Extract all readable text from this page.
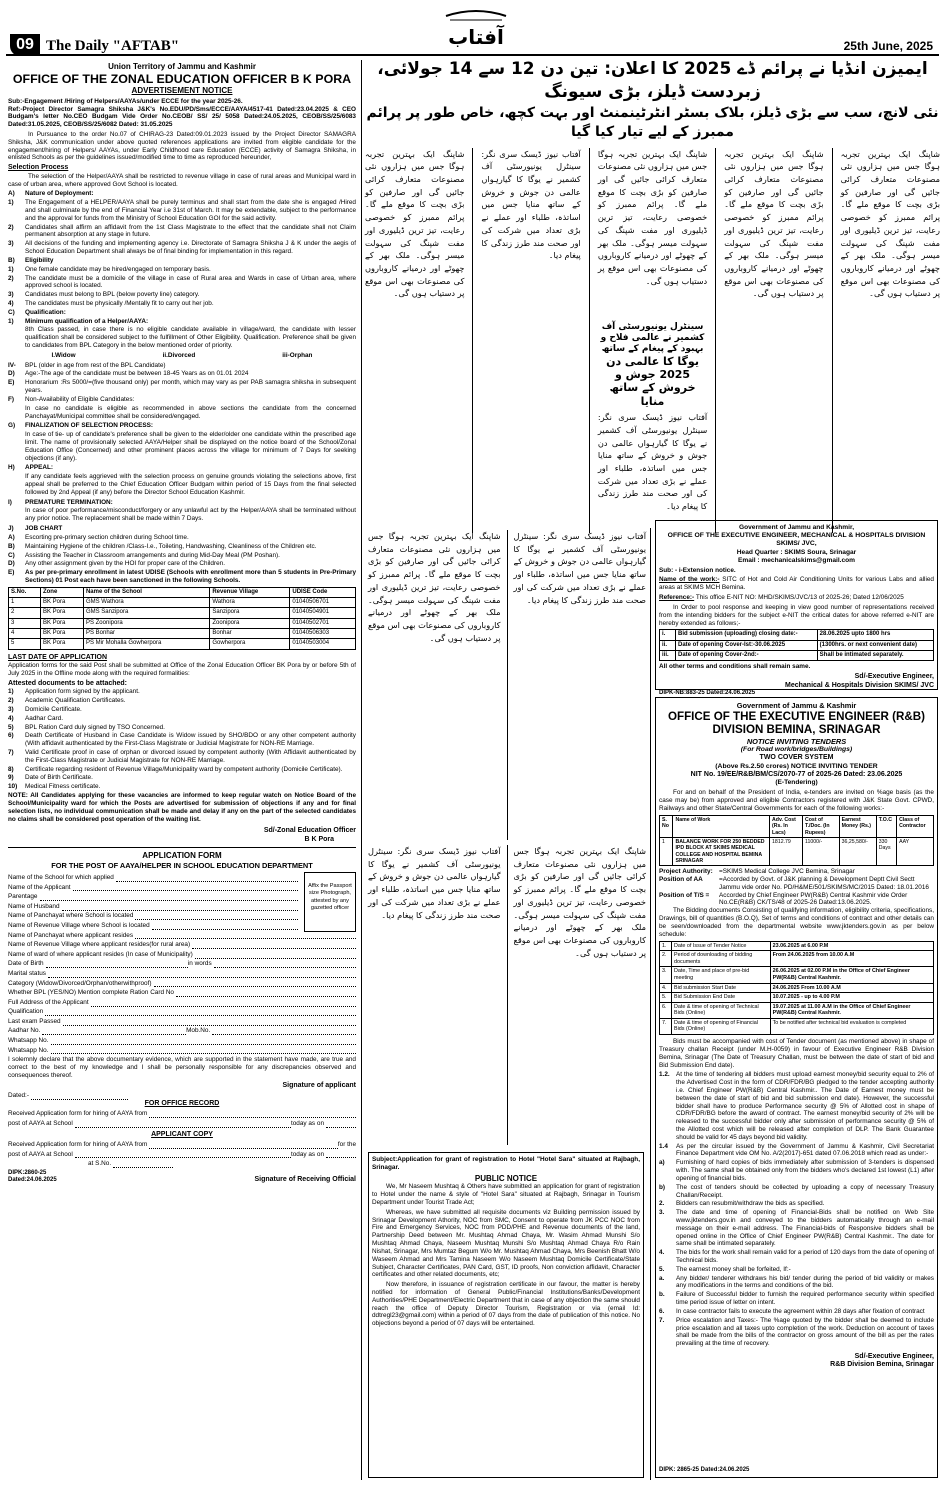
09 The Daily "AFTAB"	آفتاب	25th June, 2025
Union Territory of Jammu and Kashmir
OFFICE OF THE ZONAL EDUCATION OFFICER B K PORA
ADVERTISEMENT NOTICE

Sub:-Engagement /Hiring of Helpers/AAYAs/under ECCE for the year 2025-26.

Ref:-Project Director Samagra Shiksha J&K's No.EDU/PD/Sms/ECCE/AAYA/4517-41 Dated:23.04.2025 & CEO Budgam's letter No.CEO Budgam Vide Order No.CEOB/ SS/ 25/ 5058 Dated:24.05.2025, CEOB/SS/25/6083 Dated:31.05.2025, CEOB/SS/25/6082 Dated: 31.05.2025

In Pursuance to the order No.07 of CHIRAG-23 Dated:09.01.2023 issued by the Project Director SAMAGRA Shiksha, J&K communication under above quoted references applications are invited from eligible candidate for the engagement/hiring of Helpers/ AAYAs, under Early Childhood care Education (ECCE) activity of Samagra Shiksha, in enlisted Schools as per the guidelines issued/modified time to time as reproduced hereunder,

Selection Process

The selection of the Helper/AAYA shall be restricted to revenue village in case of rural areas and Municipal ward in case of urban area, where approved Govt School is located.

A)	Nature of Deployment:
1)	The Engagement of a HELPER/AAYA shall be purely terminus and shall start from the date she is engaged /Hired and shall culminate by the end of Financial Year i.e 31st of March. It may be extendable, subject to the performance and the approval for funds from the Ministry of School Education GOI for the said activity.
2)	Candidates shall affirm an affidavit from the 1st Class Magistrate to the effect that the candidate shall not Claim permanent absorption at any stage in future.
3)	All decisions of the funding and implementing agency i.e. Directorate of Samagra Shiksha J & K under the aegis of School Education Department shall always be of final binding for implementation in this regard.
B)	Eligibility
1)	One female candidate may be hired/engaged on temporary basis.
2)	The candidate must be a domicile of the village in case of Rural area and Wards in case of Urban area, where approved school is located.
3)	Candidates must belong to BPL (below poverty line) category.
4)	The candidates must be physically /Mentally fit to carry out her job.
C)	Qualification:
1)	Minimum qualification of a Helper/AAYA:

8th Class passed, in case there is no eligible candidate available in village/ward, the candidate with lesser qualification shall be considered subject to the fulfillment of Other Eligibility. Qualification. Preference shall be given to candidates from BPL Category in the below mentioned order of priority.

I.Widow	ii.Divorced	iii-Orphan
IV-	BPL (older in age from rest of the BPL Candidate)
D)	Age:-The age of the candidate must be between 18-45 Years as on 01.01 2024
E)	Honorarium :Rs 5000/=(five thousand only) per month, which may vary as per PAB samagra shiksha in subsequent years.
F)	Non-Availability of Eligible Candidates:

In case no candidate is eligible as recommended in above sections the candidate from the concerned Panchayat/Municipal committee shall be considered/engaged.

G)	FINALIZATION OF SELECTION PROCESS:

In case of tie- up of candidate's preference shall be given to the elder/older one candidate within the prescribed age limit. The name of provisionally selected AAYA/Helper shall be displayed on the notice board of the School/Zonal Education Office (Concerned) and other prominent places across the village for minimum of 7 Days for seeking objections (if any).

H)	APPEAL:

If any candidate feels aggrieved with the selection process on genuine grounds violating the selections above, first appeal shall be preferred to the Chief Education Officer Budgam within period of 15 Days from the final selected followed by 2nd Appeal (if any) before the Director School Education Kashmir.

I)	PREMATURE TERMINATION:

In case of poor performance/misconduct/forgery or any unlawful act by the Helper/AAYA shall be terminated without any prior notice. The replacement shall be made within 7 Days.

J)	JOB CHART
A)	Escorting pre-primary section children during School time.
B)	Maintaining Hygiene of the children /Class-I.e., Toileting, Handwashing, Cleanliness of the Children etc.
C)	Assisting the Teacher in Classroom arrangements and during Mid-Day Meal (PM Poshan).
D)	Any other assignment given by the HOI for proper care of the Children.
E)	As per pre-primary enrollment in latest UDISE (Schools with enrollment more than 5 students in Pre-Primary Sections) 01 Post each have been sanctioned in the following Schools.
S.No.	Zone	Name of the School	Revenue Village	UDISE Code
1	BK Pora	GMS Wathora	Wathora	01040506701
2	BK Pora	GMS Sanzipora	Sanzipora	01040504901
3	BK Pora	PS Zoonipora	Zoonipora	01040502701
4	BK Pora	PS Bonhar	Bonhar	01040506303
5	BK Pora	PS Mir Mohalla Gowherpora	Gowherpora	01040503004
LAST DATE OF APPLICATION

Application forms for the said Post shall be submitted at Office of the Zonal Education Officer BK Pora by or before 5th of July 2025 in the Offline mode along with the required formalities:

Attested documents to be attached:
1)	Application form signed by the applicant.
2)	Academic Qualification Certificates.
3)	Domicile Certificate.
4)	Aadhar Card.
5)	BPL Ration Card duly signed by TSO Concerned.
6)	Death Certificate of Husband in Case Candidate is Widow issued by SHO/BDO or any other competent authority (With affidavit authenticated by the First-Class Magistrate or Judicial Magistrate for NON-RE Marriage.
7)	Valid Certificate proof in case of orphan or divorced issued by competent authority (With Affidavit authenticated by the First-Class Magistrate or Judicial Magistrate for NON-RE Marriage.
8)	Certificate regarding resident of Revenue Village/Municipality ward by competent authority (Domicile Certificate).
9)	Date of Birth Certificate.
10)	Medical Fitness certificate.

NOTE: All Candidates applying for these vacancies are informed to keep regular watch on Notice Board of the School/Municipality ward for which the Posts are advertised for submission of objections if any and for final selection lists, no individual communication shall be made and delay if any on the part of the selected candidates no claims shall be considered post operation of the waiting list.

Sd/-Zonal Education Officer
B K Pora
APPLICATION FORM
FOR THE POST OF AAYA/HELPER IN SCHOOL EDUCATION DEPARTMENT
Affix the Passport size Photograph, attested by any gazetted officer
Name of the School for which applied
Name of the Applicant
Parentage
Name of Husband
Name of Panchayat where School is located
Name of Revenue Village where School is located
Name of Panchayat where applicant resides
Name of Revenue Village where applicant resides(for rural area)
Name of ward of where applicant resides (In case of Municipality)
Date of Birth	in words
Marital status
Category (Widow/Divorced/Orphan/otherwithproof)
Whether BPL (YES/NO) Mention complete Ration Card No
Full Address of the Applicant
Qualification
Last exam Passed
Aadhar No.	Mob.No.
Whatsapp No.
Whatsapp No.

I solemnly declare that the above documentary evidence, which are supported in the statement have made, are true and correct to the best of my knowledge and I shall be personally responsible for any discrepancies observed and consequences thereof.

Signature of applicant
Dated:-
FOR OFFICE RECORD
Received Application form for hiring of AAYA from
post of AAYA at School	today as on
APPLICANT COPY
Received Application form for hiring of AAYA from	for the
post of AAYA at School	today as on
at S.No.
DIPK:2860-25
Dated:24.06.2025	Signature of Receiving Official
ایمیزن انڈیا نے پرائم ڈے 2025 کا اعلان: تین دن 12 سے 14 جولائی، زبردست ڈیلز، بڑی سیونگ
نئی لانچ، سب سے بڑی ڈیلز، بلاک بسٹر انٹرٹینمنٹ اور بہت کچھ، خاص طور پر پرائم ممبرز کے لیے تیار کیا گیا
شاپنگ ایک بہترین تجربہ ہوگا جس میں ہزاروں نئی مصنوعات متعارف کرائی جائیں گی اور صارفین کو بڑی بچت کا موقع ملے گا۔ پرائم ممبرز کو خصوصی رعایت، تیز ترین ڈیلیوری اور مفت شپنگ کی سہولت میسر ہوگی۔ ملک بھر کے چھوٹے اور درمیانے کاروباروں کی مصنوعات بھی اس موقع پر دستیاب ہوں گی۔
شاپنگ ایک بہترین تجربہ ہوگا جس میں ہزاروں نئی مصنوعات متعارف کرائی جائیں گی اور صارفین کو بڑی بچت کا موقع ملے گا۔ پرائم ممبرز کو خصوصی رعایت، تیز ترین ڈیلیوری اور مفت شپنگ کی سہولت میسر ہوگی۔ ملک بھر کے چھوٹے اور درمیانے کاروباروں کی مصنوعات بھی اس موقع پر دستیاب ہوں گی۔
شاپنگ ایک بہترین تجربہ ہوگا جس میں ہزاروں نئی مصنوعات متعارف کرائی جائیں گی اور صارفین کو بڑی بچت کا موقع ملے گا۔ پرائم ممبرز کو خصوصی رعایت، تیز ترین ڈیلیوری اور مفت شپنگ کی سہولت میسر ہوگی۔ ملک بھر کے چھوٹے اور درمیانے کاروباروں کی مصنوعات بھی اس موقع پر دستیاب ہوں گی۔
سینٹرل یونیورسٹی آف کشمیر نے عالمی فلاح و بہبود کے پیغام کے ساتھ
یوگا کا عالمی دن 2025 جوش و خروش کے ساتھ منایا
آفتاب نیوز ڈیسک سری نگر: سینٹرل یونیورسٹی آف کشمیر نے یوگا کا گیارہواں عالمی دن جوش و خروش کے ساتھ منایا جس میں اساتذہ، طلباء اور عملے نے بڑی تعداد میں شرکت کی اور صحت مند طرز زندگی کا پیغام دیا۔
آفتاب نیوز ڈیسک سری نگر: سینٹرل یونیورسٹی آف کشمیر نے یوگا کا گیارہواں عالمی دن جوش و خروش کے ساتھ منایا جس میں اساتذہ، طلباء اور عملے نے بڑی تعداد میں شرکت کی اور صحت مند طرز زندگی کا پیغام دیا۔
شاپنگ ایک بہترین تجربہ ہوگا جس میں ہزاروں نئی مصنوعات متعارف کرائی جائیں گی اور صارفین کو بڑی بچت کا موقع ملے گا۔ پرائم ممبرز کو خصوصی رعایت، تیز ترین ڈیلیوری اور مفت شپنگ کی سہولت میسر ہوگی۔ ملک بھر کے چھوٹے اور درمیانے کاروباروں کی مصنوعات بھی اس موقع پر دستیاب ہوں گی۔
آفتاب نیوز ڈیسک سری نگر: سینٹرل یونیورسٹی آف کشمیر نے یوگا کا گیارہواں عالمی دن جوش و خروش کے ساتھ منایا جس میں اساتذہ، طلباء اور عملے نے بڑی تعداد میں شرکت کی اور صحت مند طرز زندگی کا پیغام دیا۔
شاپنگ ایک بہترین تجربہ ہوگا جس میں ہزاروں نئی مصنوعات متعارف کرائی جائیں گی اور صارفین کو بڑی بچت کا موقع ملے گا۔ پرائم ممبرز کو خصوصی رعایت، تیز ترین ڈیلیوری اور مفت شپنگ کی سہولت میسر ہوگی۔ ملک بھر کے چھوٹے اور درمیانے کاروباروں کی مصنوعات بھی اس موقع پر دستیاب ہوں گی۔

Subject:Application for grant of registration to Hotel "Hotel Sara" situated at Rajbagh, Srinagar.

PUBLIC NOTICE

We, Mr Naseem Mushtaq & Others have submitted an application for grant of registration to Hotel under the name & style of "Hotel Sara" situated at Rajbagh, Srinagar in Tourism Department under Tourist Trade Act;

Whereas, we have submitted all requisite documents viz Building permission issued by Srinagar Development Athority, NOC from SMC, Consent to operate from JK PCC NOC from Fire and Emergency Services, NOC from PDD/PHE and Revenue documents of the land, Partnership Deed between Mr. Mushtaq Ahmad Chaya, Mr. Wasim Ahmad Munshi S/o Mushtaq Ahmad Chaya, Naseem Mushtaq Munshi S/o Mushtaq Ahmad Chaya R/o Rain Nishat, Srinagar, Mrs Mumtaz Begum W/o Mr. Mushtaq Ahmad Chaya, Mrs Beenish Bhatt W/o Waseem Ahmad and Mrs Tamina Naseem W/o Naseem Mushtaq Domicile Certificate/State Subject, Character Certificates, PAN Card, GST, ID proofs, Non conviction affidavit, Character certificates and other related documents, etc;

Now therefore, in issuance of registration certificate in our favour, the matter is hereby notified for information of General Public/Financial Institutions/Banks/Development Authorities/PHE Department/Electric Department that in case of any objection the same should reach the office of Deputy Director Tourism, Registration or via (email Id: ddtregl23@gmail.com) within a period of 07 days from the date of publication of this notice. No objections beyond a period of 07 days will be entertained.

شاپنگ ایک بہترین تجربہ ہوگا جس میں ہزاروں نئی مصنوعات متعارف کرائی جائیں گی اور صارفین کو بڑی بچت کا موقع ملے گا۔ پرائم ممبرز کو خصوصی رعایت، تیز ترین ڈیلیوری اور مفت شپنگ کی سہولت میسر ہوگی۔ ملک بھر کے چھوٹے اور درمیانے کاروباروں کی مصنوعات بھی اس موقع پر دستیاب ہوں گی۔
آفتاب نیوز ڈیسک سری نگر: سینٹرل یونیورسٹی آف کشمیر نے یوگا کا گیارہواں عالمی دن جوش و خروش کے ساتھ منایا جس میں اساتذہ، طلباء اور عملے نے بڑی تعداد میں شرکت کی اور صحت مند طرز زندگی کا پیغام دیا۔
Government of Jammu and Kashmir,
OFFICE OF THE EXECUTIVE ENGINEER, MECHANICAL & HOSPITALS DIVISION SKIMS/ JVC,
Head Quarter : SKIMS Soura, Srinagar
Email : mechanicalskims@gmail.com

Sub: - i-Extension notice.

Name of the work:- SITC of Hot and Cold Air Conditioning Units for various Labs and allied areas at SKIMS MCH Bemina.

Reference:- This office E-NIT NO: MHD/SKIMS/JVC/13 of 2025-26; Dated 12/06/2025

In Order to pool response and keeping in view good number of representations received from the intending bidders for the subject e-NIT the critical dates for above referred e-NIT are hereby extended as follows;-

i.	Bid submission (uploading) closing date:-	28.06.2025 upto 1800 hrs
ii.	Date of opening Cover-Ist:-30.06.2025	(1300hrs. or next convenient date)
iii.	Date of opening Cover-2nd:-	Shall be intimated separately.

All other terms and conditions shall remain same.

Sd/-Executive Engineer,
Mechanical & Hospitals Division SKIMS/ JVC
DIPK-NB:883-25 Dated:24.06.2025
Government of Jammu & Kashmir
OFFICE OF THE EXECUTIVE ENGINEER (R&B) DIVISION BEMINA, SRINAGAR
NOTICE INVITING TENDERS
(For Road work/bridges/Buildings)
TWO COVER SYSTEM
(Above Rs.2.50 crores) NOTICE INVITING TENDER
NIT No. 19/EE/R&B/BM/CS/2070-77 of 2025-26 Dated: 23.06.2025
(E-Tendering)

For and on behalf of the President of India, e-tenders are invited on %age basis (as the case may be) from approved and eligible Contractors registered with J&K State Govt. CPWD, Railways and other State/Central Governments for each of the following works:-

S. No	Name of Work	Adv. Cost (Rs. In Lacs)	Cost of T./Doc. (In Rupees)	Earnest Money (Rs.)	T.O.C	Class of Contractor
1	BALANCE WORK FOR 250 BEDDED IPD BLOCK AT SKIMS MEDICAL COLLEGE AND HOSPITAL BEMINA SRINAGAR	1812.79	11000/-	36,25,580/-	330 Days	AAY
Project Authority: =SKIMS Medical College JVC Bemina, Srinagar
Position of AA	=Accorded by Govt. of J&K planning & Development Deptt Civil Sectt Jammu vide order No. PD/H&ME/501/SKIMS/MC/2015 Dated: 18.01.2016
Position of T/S =	Accorded by Chief Engineer PW(R&B) Central Kashmir vide Order No.CE(R&B) CK/TS/48 of 2025-26 Dated:13.06.2025.

The Bidding documents Consisting of qualifying information, eligibility criteria, specifications, Drawings, bill of quantities (B.O.Q), Set of terms and conditions of contract and other details can be seen/downloaded from the departmental website www.jktenders.gov.in as per below schedule:

1.	Date of Issue of Tender Notice	23.06.2025 at 6.00 P.M
2.	Period of downloading of bidding documents	From 24.06.2025 from 10.00 A.M
3.	Date, Time and place of pre-bid meeting	26.06.2025 at 02.00 P.M in the Office of Chief Engineer PW(R&B) Central Kashmir.
4.	Bid submission Start Date	24.06.2025 From 10.00 A.M
5.	Bid Submission End Date	10.07.2025 - up to 4.00 P.M
6.	Date & time of opening of Technical Bids (Online)	19.07.2025 at 11.00 A.M in the Office of Chief Engineer PW(R&B) Central Kashmir.
7.	Date & time of opening of Financial Bids (Online)	To be notified after technical bid evaluation is completed

Bids must be accompanied with cost of Tender document (as mentioned above) in shape of Treasury challan Receipt (under M.H-0059) in favour of Executive Engineer R&B Division Bemina, Srinagar (The Date of Treasury Challan, must be between the date of start of bid and Bid Submission End date).

1.2. At the time of tendering all bidders must upload earnest money/bid security equal to 2% of the Advertised Cost in the form of CDR/FDR/BG pledged to the tender accepting authority i.e. Chief Engineer PW(R&B) Central Kashmir.. The Date of Earnest money must be between the date of start of bid and bid submission end date). However, the successful bidder shall have to produce Performance security @ 5% of Allotted cost in shape of CDR/FDR/BG before the award of contract. The earnest money/bid security of 2% will be released to the successful bidder only after submission of performance security @ 5% of the Allotted cost which will be released after completion of DLP. The Bank Guarantee should be valid for 45 days beyond bid validity.
1.4	As per the circular issued by the Government of Jammu & Kashmir, Civil Secretariat Finance Department vide OM No. A/2(2017)-651 dated 07.06.2018 which read as under:-
a)	Furnishing of hard copies of bids immediately after submission of 3-tenders is dispensed with. The same shall be obtained only from the bidders who's declared 1st lowest (L1) after opening of financial bids.
b)	The cost of tenders should be collected by uploading a copy of necessary Treasury Challan/Receipt.
2.	Bidders can resubmit/withdraw the bids as specified.
3.	The date and time of opening of Financial-Bids shall be notified on Web Site www.jktenders.gov.in and conveyed to the bidders automatically through an e-mail message on their e-mail address. The Financial-bids of Responsive bidders shall be opened online in the Office of Chief Engineer PW(R&B) Central Kashmir.. The date for same shall be intimated separately.
4.	The bids for the work shall remain valid for a period of 120 days from the date of opening of Technical bids.
5.	The earnest money shall be forfeited, If:-
a.	Any bidder/ tenderer withdraws his bid/ tender during the period of bid validity or makes any modifications in the terms and conditions of the bid.
b.	Failure of Successful bidder to furnish the required performance security within specified time period issue of letter on intent.
6.	In case contractor fails to execute the agreement within 28 days after fixation of contract
7.	Price escalation and Taxes:- The %age quoted by the bidder shall be deemed to include price escalation and all taxes upto completion of the work. Deduction on account of taxes shall be made from the bills of the contractor on gross amount of the bill as per the rates prevailing at the time of recovery.
Sd/-Executive Engineer,
R&B Division Bemina, Srinagar
DIPK: 2865-25 Dated:24.06.2025
